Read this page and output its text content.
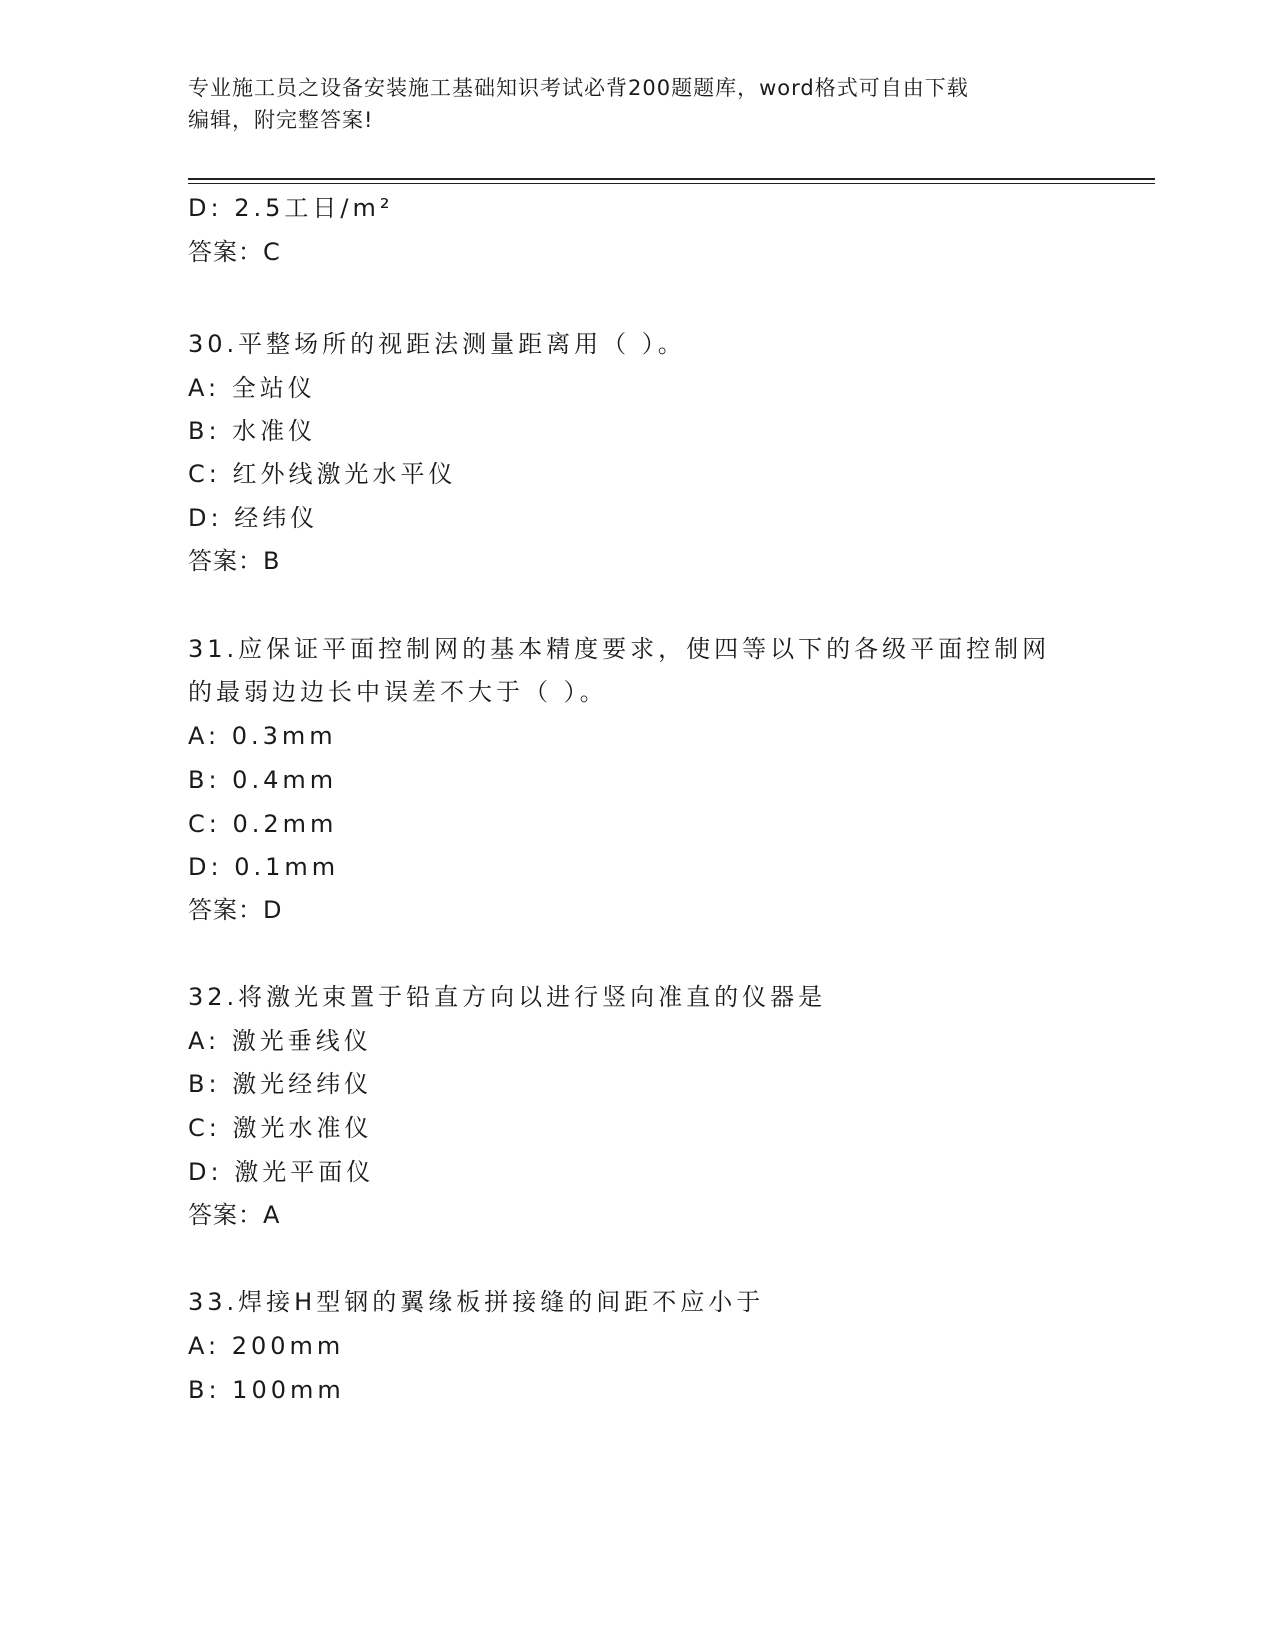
专业施工员之设备安装施工基础知识考试必背200题题库，word格式可自由下载
编辑，附完整答案!
D: 2.5工日/m²
答案：C
30.平整场所的视距法测量距离用（ ）。
A: 全站仪
B: 水准仪
C: 红外线激光水平仪
D: 经纬仪
答案：B
31.应保证平面控制网的基本精度要求，使四等以下的各级平面控制网
的最弱边边长中误差不大于（ ）。
A: 0.3mm
B: 0.4mm
C: 0.2mm
D: 0.1mm
答案：D
32.将激光束置于铅直方向以进行竖向准直的仪器是
A: 激光垂线仪
B: 激光经纬仪
C: 激光水准仪
D: 激光平面仪
答案：A
33.焊接H型钢的翼缘板拼接缝的间距不应小于
A: 200mm
B: 100mm
